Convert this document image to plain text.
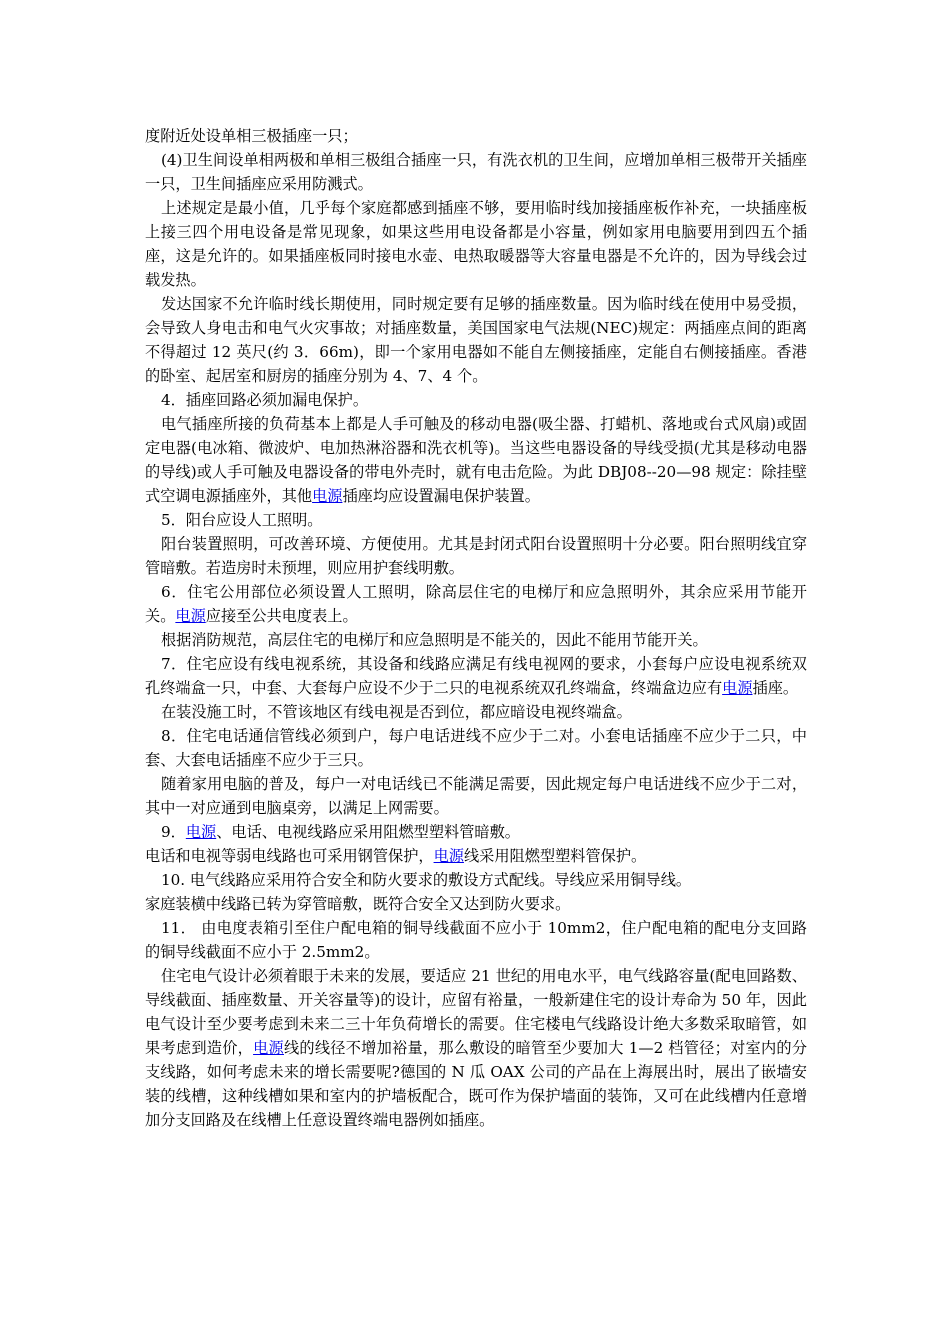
度附近处设单相三极插座一只；

(4)卫生间设单相两极和单相三极组合插座一只，有洗衣机的卫生间，应增加单相三极带开关插座一只，卫生间插座应采用防溅式。

上述规定是最小值，几乎每个家庭都感到插座不够，要用临时线加接插座板作补充，一块插座板上接三四个用电设备是常见现象，如果这些用电设备都是小容量，例如家用电脑要用到四五个插座，这是允许的。如果插座板同时接电水壶、电热取暖器等大容量电器是不允许的，因为导线会过载发热。

发达国家不允许临时线长期使用，同时规定要有足够的插座数量。因为临时线在使用中易受损，会导致人身电击和电气火灾事故；对插座数量，美国国家电气法规(NEC)规定：两插座点间的距离不得超过 12 英尺(约 3．66m)，即一个家用电器如不能自左侧接插座，定能自右侧接插座。香港的卧室、起居室和厨房的插座分别为 4、7、4 个。

4．插座回路必须加漏电保护。

电气插座所接的负荷基本上都是人手可触及的移动电器(吸尘器、打蜡机、落地或台式风扇)或固定电器(电冰箱、微波炉、电加热淋浴器和洗衣机等)。当这些电器设备的导线受损(尤其是移动电器的导线)或人手可触及电器设备的带电外壳时，就有电击危险。为此 DBJ08--20—98 规定：除挂壁式空调电源插座外，其他电源插座均应设置漏电保护装置。

5．阳台应设人工照明。

阳台装置照明，可改善环境、方便使用。尤其是封闭式阳台设置照明十分必要。阳台照明线宜穿管暗敷。若造房时未预埋，则应用护套线明敷。

6．住宅公用部位必须设置人工照明，除高层住宅的电梯厅和应急照明外，其余应采用节能开关。电源应接至公共电度表上。

根据消防规范，高层住宅的电梯厅和应急照明是不能关的，因此不能用节能开关。

7．住宅应设有线电视系统，其设备和线路应满足有线电视网的要求，小套每户应设电视系统双孔终端盒一只，中套、大套每户应设不少于二只的电视系统双孔终端盒，终端盒边应有电源插座。

在装没施工时，不管该地区有线电视是否到位，都应暗设电视终端盒。

8．住宅电话通信管线必须到户，每户电话进线不应少于二对。小套电话插座不应少于二只，中套、大套电话插座不应少于三只。

随着家用电脑的普及，每户一对电话线已不能满足需要，因此规定每户电话进线不应少于二对，其中一对应通到电脑桌旁，以满足上网需要。

9．电源、电话、电视线路应采用阻燃型塑料管暗敷。

电话和电视等弱电线路也可采用钢管保护，电源线采用阻燃型塑料管保护。

10. 电气线路应采用符合安全和防火要求的敷设方式配线。导线应采用铜导线。

家庭装横中线路已转为穿管暗敷，既符合安全又达到防火要求。

11． 由电度表箱引至住户配电箱的铜导线截面不应小于 10mm2，住户配电箱的配电分支回路的铜导线截面不应小于 2.5mm2。

住宅电气设计必须着眼于未来的发展，要适应 21 世纪的用电水平，电气线路容量(配电回路数、导线截面、插座数量、开关容量等)的设计，应留有裕量，一般新建住宅的设计寿命为 50 年，因此电气设计至少要考虑到未来二三十年负荷增长的需要。住宅楼电气线路设计绝大多数采取暗管，如果考虑到造价，电源线的线径不增加裕量，那么敷设的暗管至少要加大 1—2 档管径；对室内的分支线路，如何考虑未来的增长需要呢?德国的 N 瓜 OAX 公司的产品在上海展出时，展出了嵌墙安装的线槽，这种线槽如果和室内的护墙板配合，既可作为保护墙面的装饰，又可在此线槽内任意增加分支回路及在线槽上任意设置终端电器例如插座。
